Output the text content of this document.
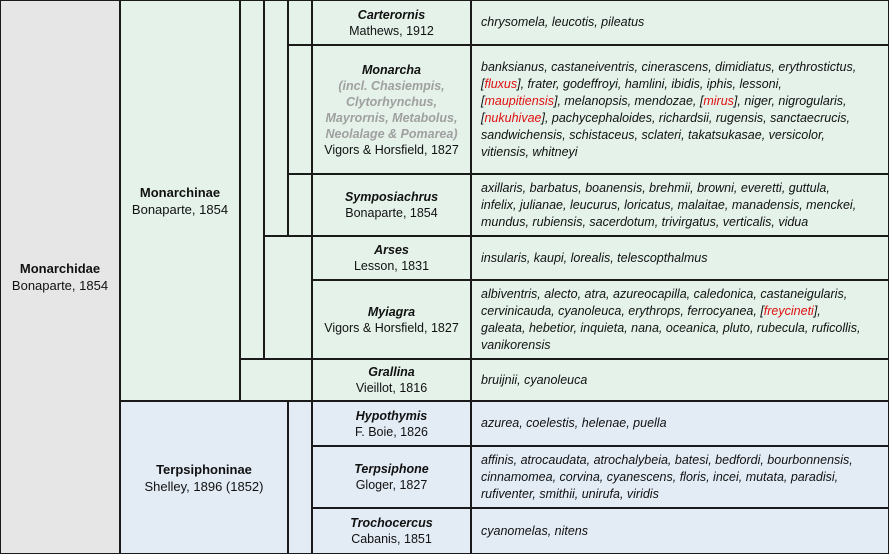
Monarchidae
Bonaparte, 1854
Monarchinae
Bonaparte, 1854
Terpsiphoninae
Shelley, 1896 (1852)
Carterornis
Mathews, 1912
chrysomela, leucotis, pileatus
Monarcha
(incl. Chasiempis, Clytorhynchus, Mayrornis, Metabolus, Neolalage & Pomarea)
Vigors & Horsfield, 1827
banksianus, castaneiventris, cinerascens, dimidiatus, erythrostictus,
[fluxus], frater, godeffroyi, hamlini, ibidis, iphis, lessoni,
[maupitiensis], melanopsis, mendozae, [mirus], niger, nigrogularis,
[nukuhivae], pachycephaloides, richardsii, rugensis, sanctaecrucis,
sandwichensis, schistaceus, sclateri, takatsukasae, versicolor,
vitiensis, whitneyi
Symposiachrus
Bonaparte, 1854
axillaris, barbatus, boanensis, brehmii, browni, everetti, guttula,
infelix, julianae, leucurus, loricatus, malaitae, manadensis, menckei,
mundus, rubiensis, sacerdotum, trivirgatus, verticalis, vidua
Arses
Lesson, 1831
insularis, kaupi, lorealis, telescopthalmus
Myiagra
Vigors & Horsfield, 1827
albiventris, alecto, atra, azureocapilla, caledonica, castaneigularis,
cervinicauda, cyanoleuca, erythrops, ferrocyanea, [freycineti],
galeata, hebetior, inquieta, nana, oceanica, pluto, rubecula, ruficollis,
vanikorensis
Grallina
Vieillot, 1816
bruijnii, cyanoleuca
Hypothymis
F. Boie, 1826
azurea, coelestis, helenae, puella
Terpsiphone
Gloger, 1827
affinis, atrocaudata, atrochalybeia, batesi, bedfordi, bourbonnensis,
cinnamomea, corvina, cyanescens, floris, incei, mutata, paradisi,
rufiventer, smithii, unirufa, viridis
Trochocercus
Cabanis, 1851
cyanomelas, nitens
